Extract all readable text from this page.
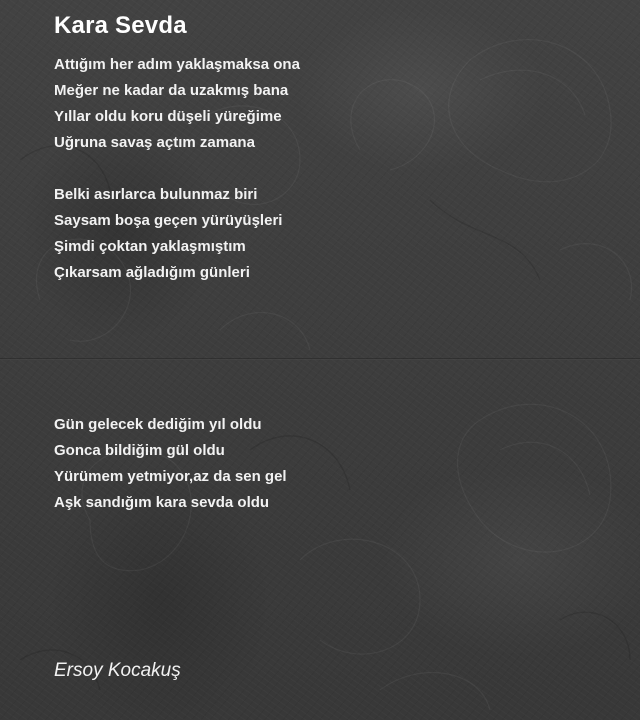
Kara Sevda
Attığım her adım yaklaşmaksa ona
Meğer ne kadar da uzakmış bana
Yıllar oldu koru düşeli yüreğime
Uğruna savaş açtım zamana
Belki asırlarca bulunmaz biri
Saysam boşa geçen yürüyüşleri
Şimdi çoktan yaklaşmıştım
Çıkarsam ağladığım günleri
Gün gelecek dediğim yıl oldu
Gonca bildiğim gül oldu
Yürümem yetmiyor,az da sen gel
Aşk sandığım kara sevda oldu
Ersoy Kocakuş
